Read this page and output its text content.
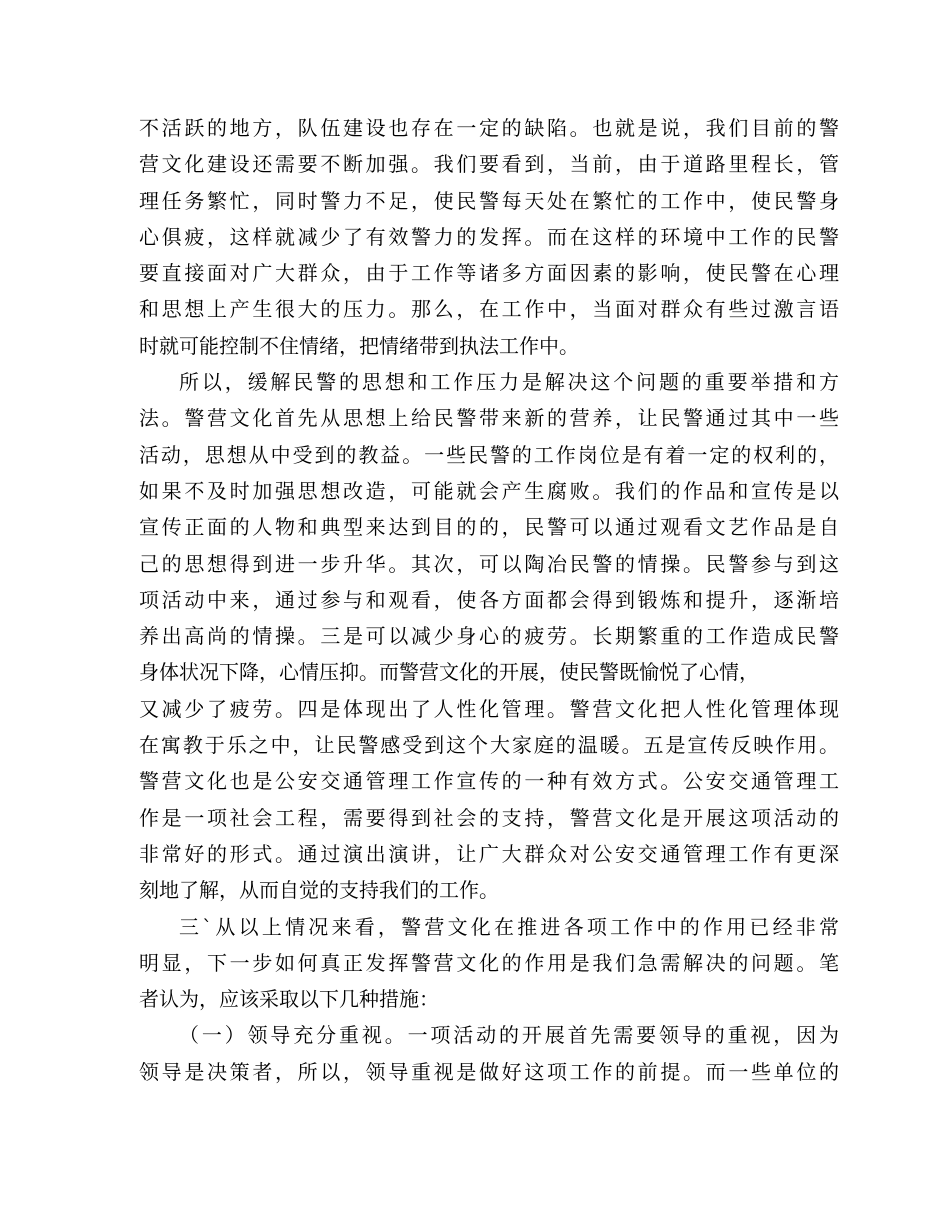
不活跃的地方，队伍建设也存在一定的缺陷。也就是说，我们目前的警
营文化建设还需要不断加强。我们要看到，当前，由于道路里程长，管
理任务繁忙，同时警力不足，使民警每天处在繁忙的工作中，使民警身
心俱疲，这样就减少了有效警力的发挥。而在这样的环境中工作的民警
要直接面对广大群众，由于工作等诸多方面因素的影响，使民警在心理
和思想上产生很大的压力。那么，在工作中，当面对群众有些过激言语
时就可能控制不住情绪，把情绪带到执法工作中。
所以，缓解民警的思想和工作压力是解决这个问题的重要举措和方
法。警营文化首先从思想上给民警带来新的营养，让民警通过其中一些
活动，思想从中受到的教益。一些民警的工作岗位是有着一定的权利的，
如果不及时加强思想改造，可能就会产生腐败。我们的作品和宣传是以
宣传正面的人物和典型来达到目的的，民警可以通过观看文艺作品是自
己的思想得到进一步升华。其次，可以陶冶民警的情操。民警参与到这
项活动中来，通过参与和观看，使各方面都会得到锻炼和提升，逐渐培
养出高尚的情操。三是可以减少身心的疲劳。长期繁重的工作造成民警
身体状况下降，心情压抑。而警营文化的开展，使民警既愉悦了心情，
又减少了疲劳。四是体现出了人性化管理。警营文化把人性化管理体现
在寓教于乐之中，让民警感受到这个大家庭的温暖。五是宣传反映作用。
警营文化也是公安交通管理工作宣传的一种有效方式。公安交通管理工
作是一项社会工程，需要得到社会的支持，警营文化是开展这项活动的
非常好的形式。通过演出演讲，让广大群众对公安交通管理工作有更深
刻地了解，从而自觉的支持我们的工作。
三`从以上情况来看，警营文化在推进各项工作中的作用已经非常
明显，下一步如何真正发挥警营文化的作用是我们急需解决的问题。笔
者认为，应该采取以下几种措施：
（一）领导充分重视。一项活动的开展首先需要领导的重视，因为
领导是决策者，所以，领导重视是做好这项工作的前提。而一些单位的
